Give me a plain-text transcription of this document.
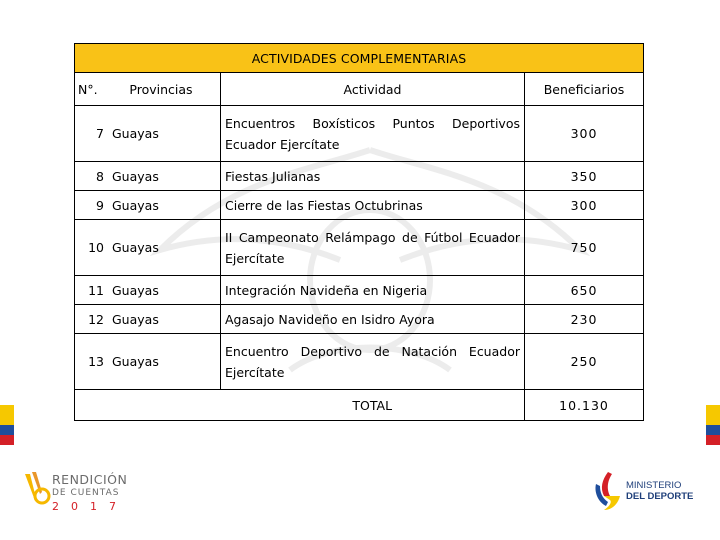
ACTIVIDADES COMPLEMENTARIAS			
N°.	Provincias	Actividad	Beneficiarios
7	Guayas	Encuentros Boxísticos Puntos Deportivos Ecuador Ejercítate	300
8	Guayas	Fiestas Julianas	350
9	Guayas	Cierre de las Fiestas Octubrinas	300
10	Guayas	II Campeonato Relámpago de Fútbol Ecuador Ejercítate	750
11	Guayas	Integración Navideña en Nigeria	650
12	Guayas	Agasajo Navideño en Isidro Ayora	230
13	Guayas	Encuentro Deportivo de Natación Ecuador Ejercítate	250
		TOTAL	10.130
RENDICIÓN
DE CUENTAS
2017
MINISTERIO
DEL DEPORTE
